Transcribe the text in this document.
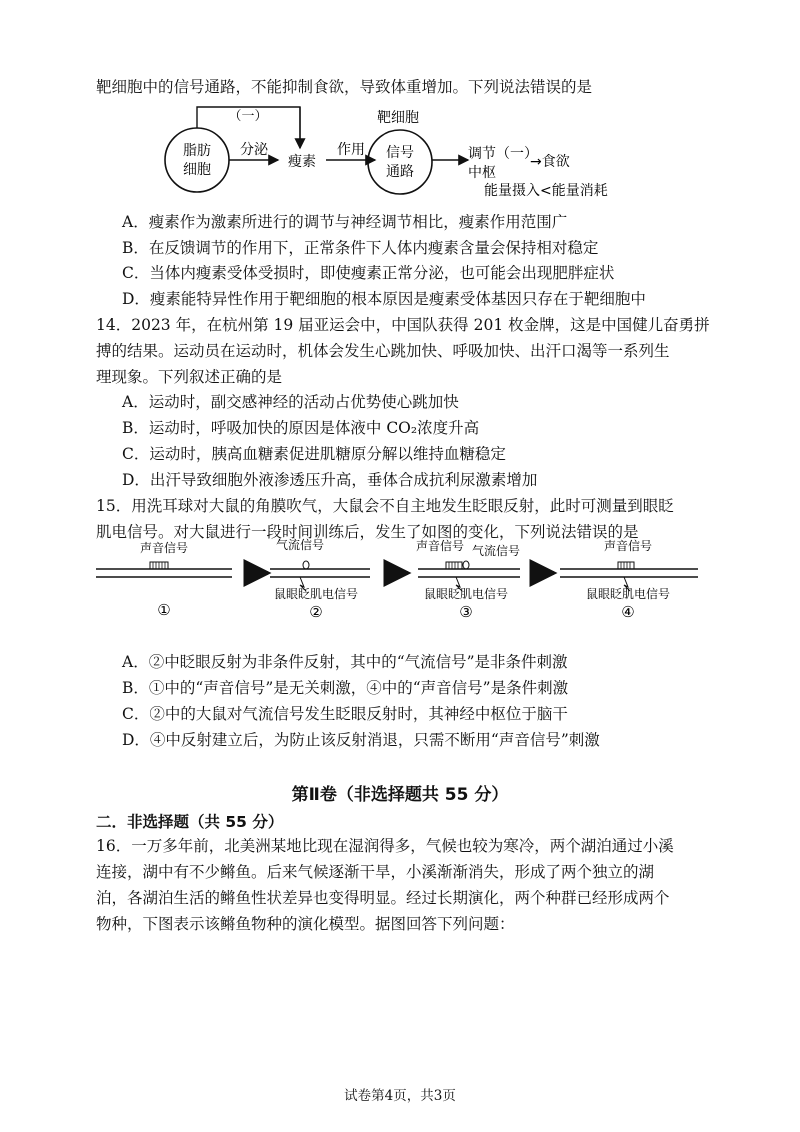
靶细胞中的信号通路，不能抑制食欲，导致体重增加。下列说法错误的是
脂肪
细胞
分泌
瘦素
作用
（一）	靶细胞
信号
通路
调节（一）
→食欲
中枢
能量摄入<能量消耗
A．瘦素作为激素所进行的调节与神经调节相比，瘦素作用范围广
B．在反馈调节的作用下，正常条件下人体内瘦素含量会保持相对稳定
C．当体内瘦素受体受损时，即使瘦素正常分泌，也可能会出现肥胖症状
D．瘦素能特异性作用于靶细胞的根本原因是瘦素受体基因只存在于靶细胞中
14．2023 年，在杭州第 19 届亚运会中，中国队获得 201 枚金牌，这是中国健儿奋勇拼
搏的结果。运动员在运动时，机体会发生心跳加快、呼吸加快、出汗口渴等一系列生
理现象。下列叙述正确的是
A．运动时，副交感神经的活动占优势使心跳加快
B．运动时，呼吸加快的原因是体液中 CO₂浓度升高
C．运动时，胰高血糖素促进肌糖原分解以维持血糖稳定
D．出汗导致细胞外液渗透压升高，垂体合成抗利尿激素增加
15．用洗耳球对大鼠的角膜吹气，大鼠会不自主地发生眨眼反射，此时可测量到眼眨
肌电信号。对大鼠进行一段时间训练后，发生了如图的变化，下列说法错误的是
声音信号
①
气流信号
鼠眼眨肌电信号
②
声音信号 气流信号
鼠眼眨肌电信号
③
声音信号
鼠眼眨肌电信号
④
A．②中眨眼反射为非条件反射，其中的“气流信号”是非条件刺激
B．①中的“声音信号”是无关刺激，④中的“声音信号”是条件刺激
C．②中的大鼠对气流信号发生眨眼反射时，其神经中枢位于脑干
D．④中反射建立后，为防止该反射消退，只需不断用“声音信号”刺激
第Ⅱ卷（非选择题共 55 分）
二．非选择题（共 55 分）
16．一万多年前，北美洲某地比现在湿润得多，气候也较为寒冷，两个湖泊通过小溪
连接，湖中有不少鳉鱼。后来气候逐渐干旱，小溪渐渐消失，形成了两个独立的湖
泊，各湖泊生活的鳉鱼性状差异也变得明显。经过长期演化，两个种群已经形成两个
物种，下图表示该鳉鱼物种的演化模型。据图回答下列问题：
试卷第4页，共3页
